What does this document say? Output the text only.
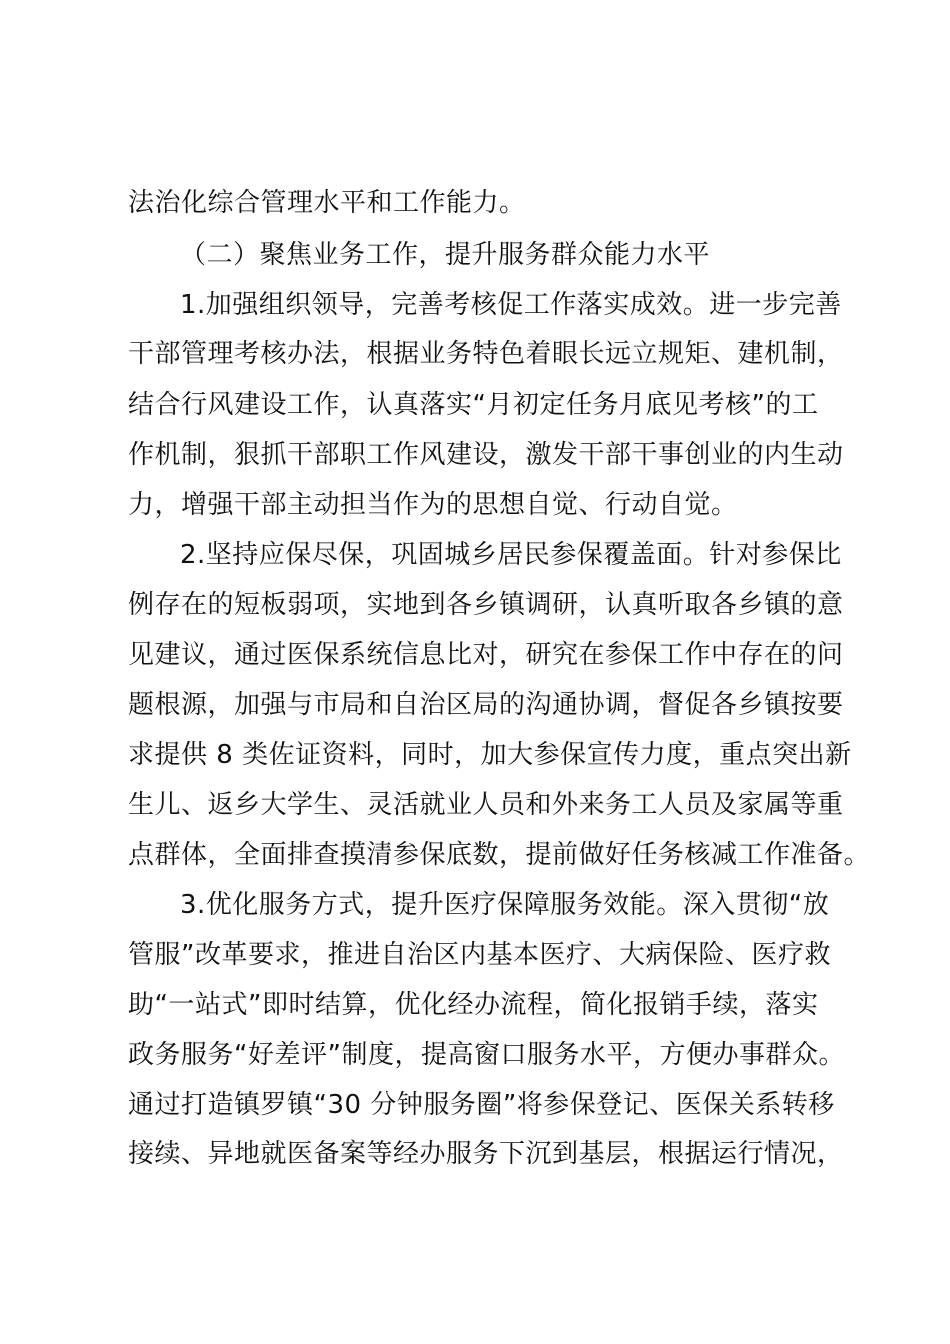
法治化综合管理水平和工作能力。
（二）聚焦业务工作，提升服务群众能力水平
1.加强组织领导，完善考核促工作落实成效。进一步完善
干部管理考核办法，根据业务特色着眼长远立规矩、建机制，
结合行风建设工作，认真落实“月初定任务月底见考核”的工
作机制，狠抓干部职工作风建设，激发干部干事创业的内生动
力，增强干部主动担当作为的思想自觉、行动自觉。
2.坚持应保尽保，巩固城乡居民参保覆盖面。针对参保比
例存在的短板弱项，实地到各乡镇调研，认真听取各乡镇的意
见建议，通过医保系统信息比对，研究在参保工作中存在的问
题根源，加强与市局和自治区局的沟通协调，督促各乡镇按要
求提供 8 类佐证资料，同时，加大参保宣传力度，重点突出新
生儿、返乡大学生、灵活就业人员和外来务工人员及家属等重
点群体，全面排查摸清参保底数，提前做好任务核减工作准备。
3.优化服务方式，提升医疗保障服务效能。深入贯彻“放
管服”改革要求，推进自治区内基本医疗、大病保险、医疗救
助“一站式”即时结算，优化经办流程，简化报销手续，落实
政务服务“好差评”制度，提高窗口服务水平，方便办事群众。
通过打造镇罗镇“30 分钟服务圈”将参保登记、医保关系转移
接续、异地就医备案等经办服务下沉到基层，根据运行情况，
